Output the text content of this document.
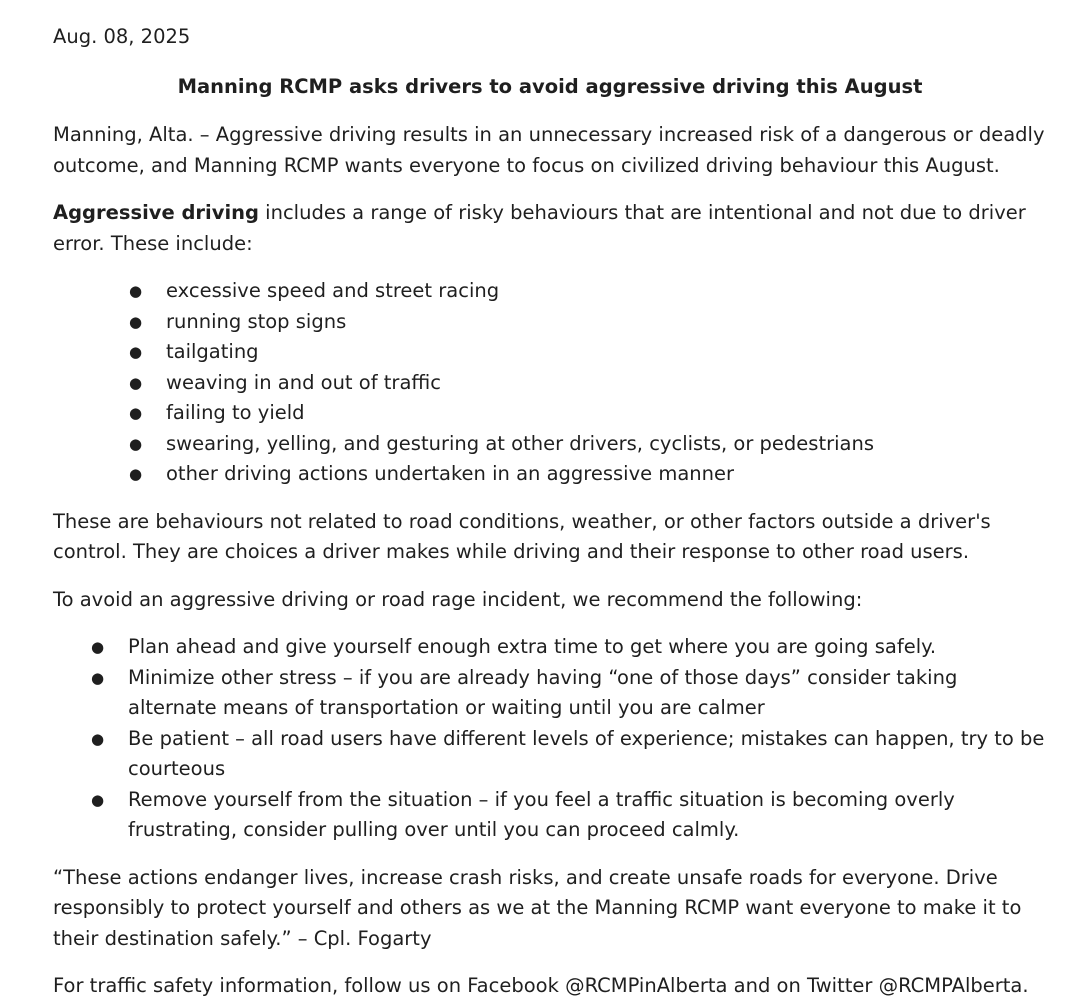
Aug. 08, 2025
Manning RCMP asks drivers to avoid aggressive driving this August

Manning, Alta. – Aggressive driving results in an unnecessary increased risk of a dangerous or deadly outcome, and Manning RCMP wants everyone to focus on civilized driving behaviour this August.

Aggressive driving includes a range of risky behaviours that are intentional and not due to driver error. These include:

● excessive speed and street racing
● running stop signs
● tailgating
● weaving in and out of traffic
● failing to yield
● swearing, yelling, and gesturing at other drivers, cyclists, or pedestrians
● other driving actions undertaken in an aggressive manner

These are behaviours not related to road conditions, weather, or other factors outside a driver's control. They are choices a driver makes while driving and their response to other road users.

To avoid an aggressive driving or road rage incident, we recommend the following:

● Plan ahead and give yourself enough extra time to get where you are going safely.
● Minimize other stress – if you are already having “one of those days” consider taking alternate means of transportation or waiting until you are calmer
● Be patient – all road users have different levels of experience; mistakes can happen, try to be courteous
● Remove yourself from the situation – if you feel a traffic situation is becoming overly frustrating, consider pulling over until you can proceed calmly.

“These actions endanger lives, increase crash risks, and create unsafe roads for everyone. Drive responsibly to protect yourself and others as we at the Manning RCMP want everyone to make it to their destination safely.” – Cpl. Fogarty

For traffic safety information, follow us on Facebook @RCMPinAlberta and on Twitter @RCMPAlberta.
